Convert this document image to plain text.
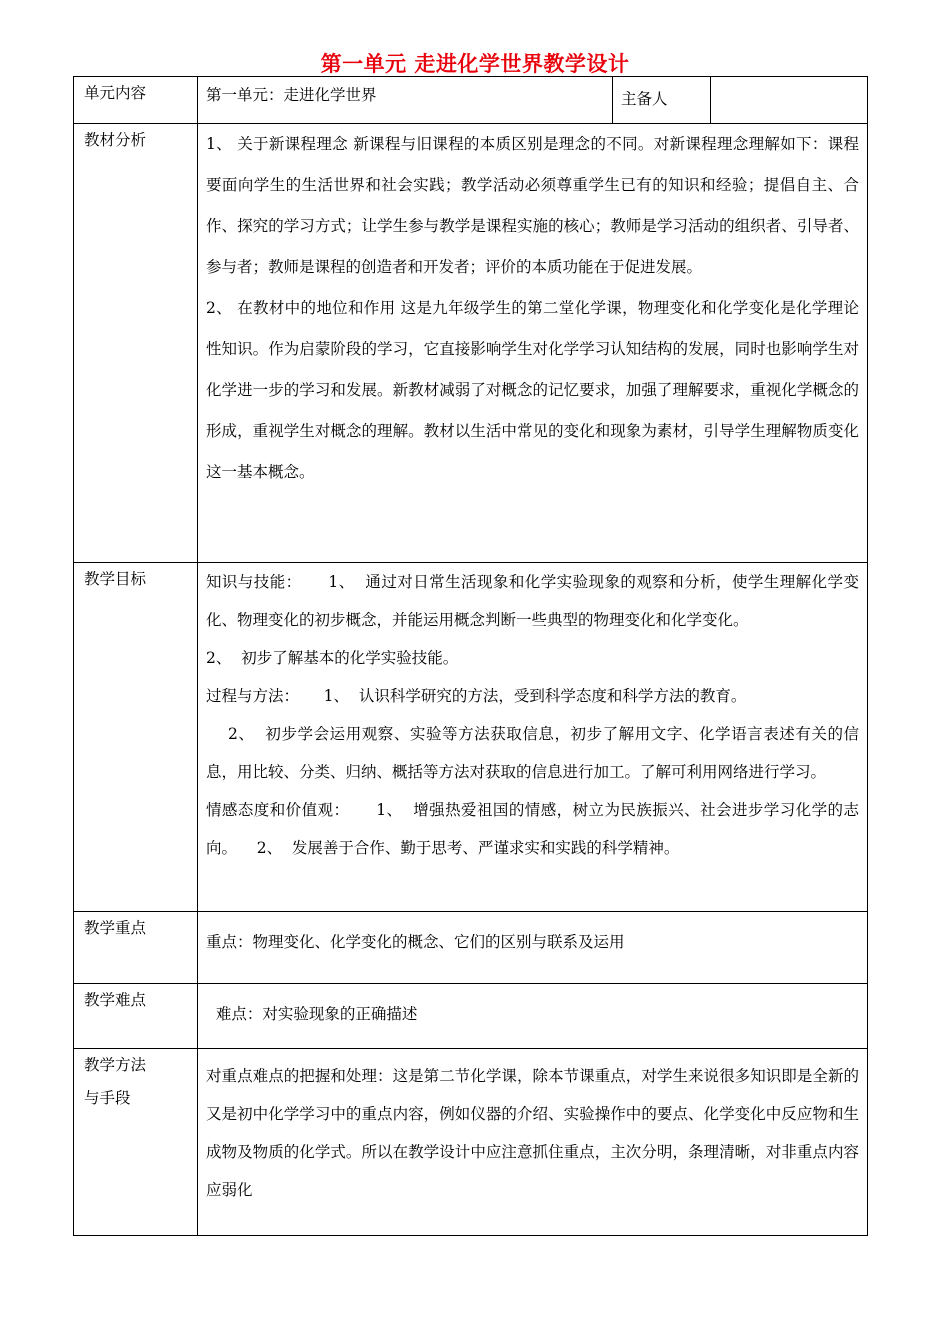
第一单元 走进化学世界教学设计
单元内容	第一单元：走进化学世界	主备人	
教材分析	1、 关于新课程理念 新课程与旧课程的本质区别是理念的不同。对新课程理念理解如下：课程要面向学生的生活世界和社会实践；教学活动必须尊重学生已有的知识和经验；提倡自主、合作、探究的学习方式；让学生参与教学是课程实施的核心；教师是学习活动的组织者、引导者、参与者；教师是课程的创造者和开发者；评价的本质功能在于促进发展。

2、 在教材中的地位和作用 这是九年级学生的第二堂化学课，物理变化和化学变化是化学理论性知识。作为启蒙阶段的学习，它直接影响学生对化学学习认知结构的发展，同时也影响学生对化学进一步的学习和发展。新教材减弱了对概念的记忆要求，加强了理解要求，重视化学概念的形成，重视学生对概念的理解。教材以生活中常见的变化和现象为素材，引导学生理解物质变化这一基本概念。		

教学目标	知识与技能：     1、  通过对日常生活现象和化学实验现象的观察和分析，使学生理解化学变化、物理变化的初步概念，并能运用概念判断一些典型的物理变化和化学变化。

2、  初步了解基本的化学实验技能。

过程与方法：     1、  认识科学研究的方法，受到科学态度和科学方法的教育。

2、  初步学会运用观察、实验等方法获取信息，初步了解用文字、化学语言表述有关的信息，用比较、分类、归纳、概括等方法对获取的信息进行加工。了解可利用网络进行学习。

情感态度和价值观：     1、  增强热爱祖国的情感，树立为民族振兴、社会进步学习化学的志向。    2、  发展善于合作、勤于思考、严谨求实和实践的科学精神。		

教学重点	重点：物理变化、化学变化的概念、它们的区别与联系及运用		
教学难点	难点：对实验现象的正确描述		

教学方法
与手段	对重点难点的把握和处理：这是第二节化学课，除本节课重点，对学生来说很多知识即是全新的又是初中化学学习中的重点内容，例如仪器的介绍、实验操作中的要点、化学变化中反应物和生成物及物质的化学式。所以在教学设计中应注意抓住重点，主次分明，条理清晰，对非重点内容应弱化		
